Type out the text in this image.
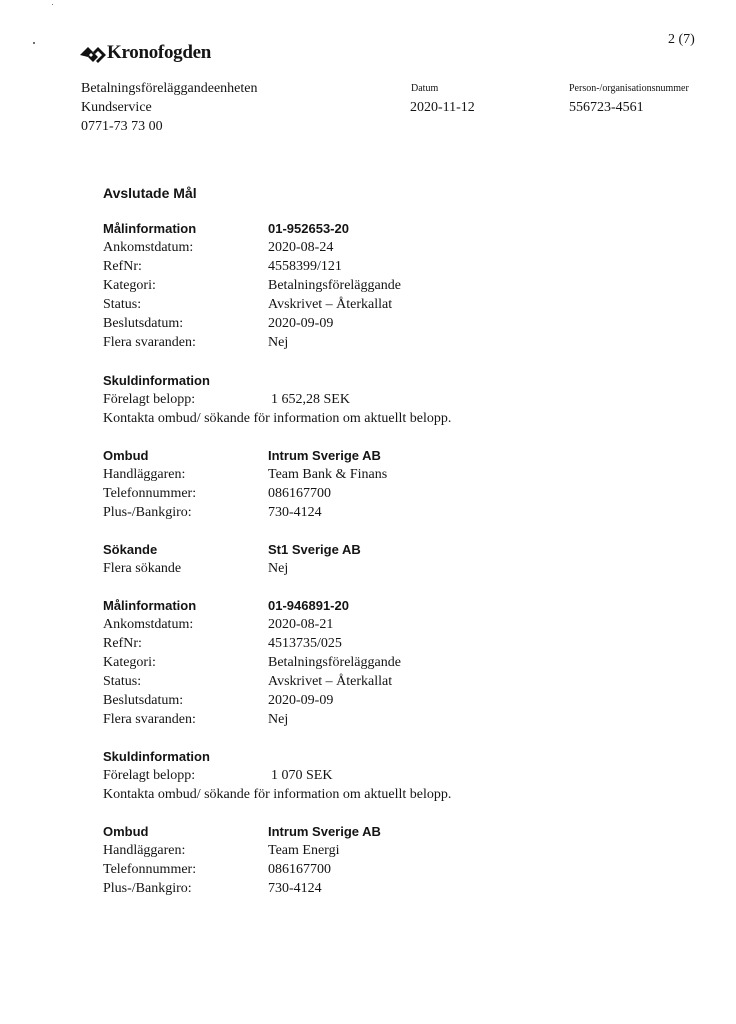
2 (7)
Kronofogden
Betalningsföreläggandeenheten
Kundservice
0771-73 73 00
Datum
2020-11-12
Person-/organisationsnummer
556723-4561
Avslutade Mål
Målinformation	01-952653-20
Ankomstdatum:	2020-08-24
RefNr:	4558399/121
Kategori:	Betalningsföreläggande
Status:	Avskrivet – Återkallat
Beslutsdatum:	2020-09-09
Flera svaranden:	Nej
Skuldinformation
Förelagt belopp:	1 652,28 SEK
Kontakta ombud/ sökande för information om aktuellt belopp.
Ombud	Intrum Sverige AB
Handläggaren:	Team Bank & Finans
Telefonnummer:	086167700
Plus-/Bankgiro:	730-4124
Sökande	St1 Sverige AB
Flera sökande	Nej
Målinformation	01-946891-20
Ankomstdatum:	2020-08-21
RefNr:	4513735/025
Kategori:	Betalningsföreläggande
Status:	Avskrivet – Återkallat
Beslutsdatum:	2020-09-09
Flera svaranden:	Nej
Skuldinformation
Förelagt belopp:	1 070 SEK
Kontakta ombud/ sökande för information om aktuellt belopp.
Ombud	Intrum Sverige AB
Handläggaren:	Team Energi
Telefonnummer:	086167700
Plus-/Bankgiro:	730-4124
